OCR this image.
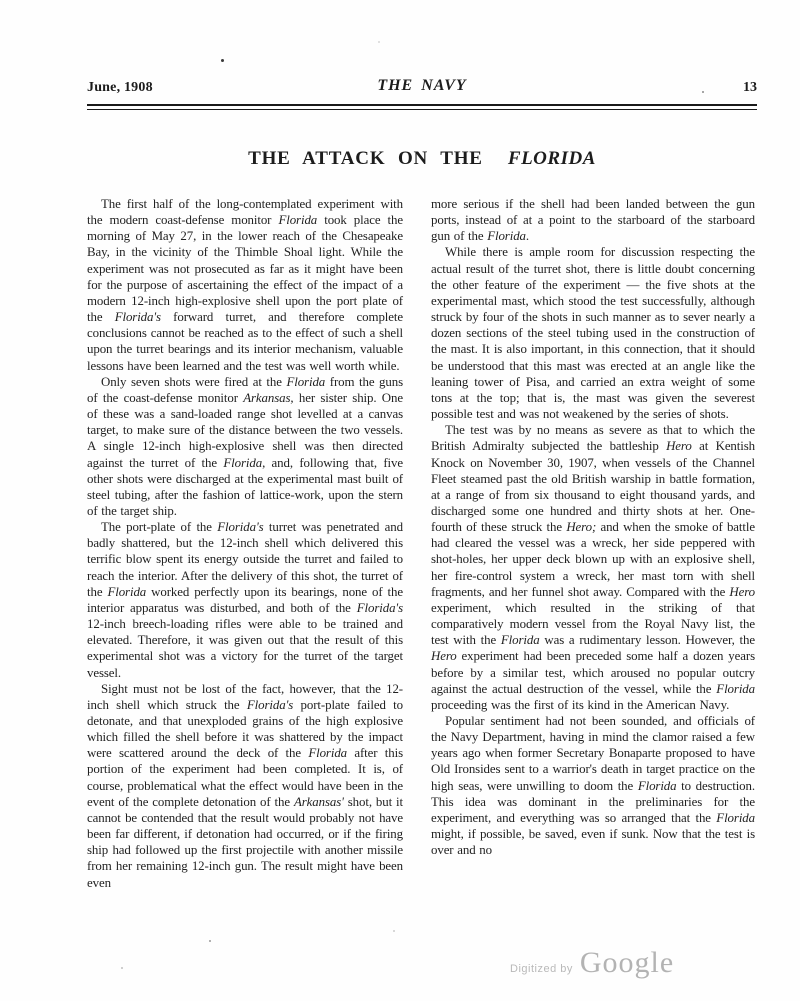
June, 1908	THE NAVY	13
THE ATTACK ON THE FLORIDA
The first half of the long-contemplated experiment with the modern coast-defense monitor Florida took place the morning of May 27, in the lower reach of the Chesapeake Bay, in the vicinity of the Thimble Shoal light. While the experiment was not prosecuted as far as it might have been for the purpose of ascertaining the effect of the impact of a modern 12-inch high-explosive shell upon the port plate of the Florida's forward turret, and therefore complete conclusions cannot be reached as to the effect of such a shell upon the turret bearings and its interior mechanism, valuable lessons have been learned and the test was well worth while.
Only seven shots were fired at the Florida from the guns of the coast-defense monitor Arkansas, her sister ship. One of these was a sand-loaded range shot levelled at a canvas target, to make sure of the distance between the two vessels. A single 12-inch high-explosive shell was then directed against the turret of the Florida, and, following that, five other shots were discharged at the experimental mast built of steel tubing, after the fashion of lattice-work, upon the stern of the target ship.
The port-plate of the Florida's turret was penetrated and badly shattered, but the 12-inch shell which delivered this terrific blow spent its energy outside the turret and failed to reach the interior. After the delivery of this shot, the turret of the Florida worked perfectly upon its bearings, none of the interior apparatus was disturbed, and both of the Florida's 12-inch breech-loading rifles were able to be trained and elevated. Therefore, it was given out that the result of this experimental shot was a victory for the turret of the target vessel.
Sight must not be lost of the fact, however, that the 12-inch shell which struck the Florida's port-plate failed to detonate, and that unexploded grains of the high explosive which filled the shell before it was shattered by the impact were scattered around the deck of the Florida after this portion of the experiment had been completed. It is, of course, problematical what the effect would have been in the event of the complete detonation of the Arkansas' shot, but it cannot be contended that the result would probably not have been far different, if detonation had occurred, or if the firing ship had followed up the first projectile with another missile from her remaining 12-inch gun. The result might have been even
more serious if the shell had been landed between the gun ports, instead of at a point to the starboard of the starboard gun of the Florida.
While there is ample room for discussion respecting the actual result of the turret shot, there is little doubt concerning the other feature of the experiment — the five shots at the experimental mast, which stood the test successfully, although struck by four of the shots in such manner as to sever nearly a dozen sections of the steel tubing used in the construction of the mast. It is also important, in this connection, that it should be understood that this mast was erected at an angle like the leaning tower of Pisa, and carried an extra weight of some tons at the top; that is, the mast was given the severest possible test and was not weakened by the series of shots.
The test was by no means as severe as that to which the British Admiralty subjected the battleship Hero at Kentish Knock on November 30, 1907, when vessels of the Channel Fleet steamed past the old British warship in battle formation, at a range of from six thousand to eight thousand yards, and discharged some one hundred and thirty shots at her. One-fourth of these struck the Hero; and when the smoke of battle had cleared the vessel was a wreck, her side peppered with shot-holes, her upper deck blown up with an explosive shell, her fire-control system a wreck, her mast torn with shell fragments, and her funnel shot away. Compared with the Hero experiment, which resulted in the striking of that comparatively modern vessel from the Royal Navy list, the test with the Florida was a rudimentary lesson. However, the Hero experiment had been preceded some half a dozen years before by a similar test, which aroused no popular outcry against the actual destruction of the vessel, while the Florida proceeding was the first of its kind in the American Navy.
Popular sentiment had not been sounded, and officials of the Navy Department, having in mind the clamor raised a few years ago when former Secretary Bonaparte proposed to have Old Ironsides sent to a warrior's death in target practice on the high seas, were unwilling to doom the Florida to destruction. This idea was dominant in the preliminaries for the experiment, and everything was so arranged that the Florida might, if possible, be saved, even if sunk. Now that the test is over and no
Digitized by Google
